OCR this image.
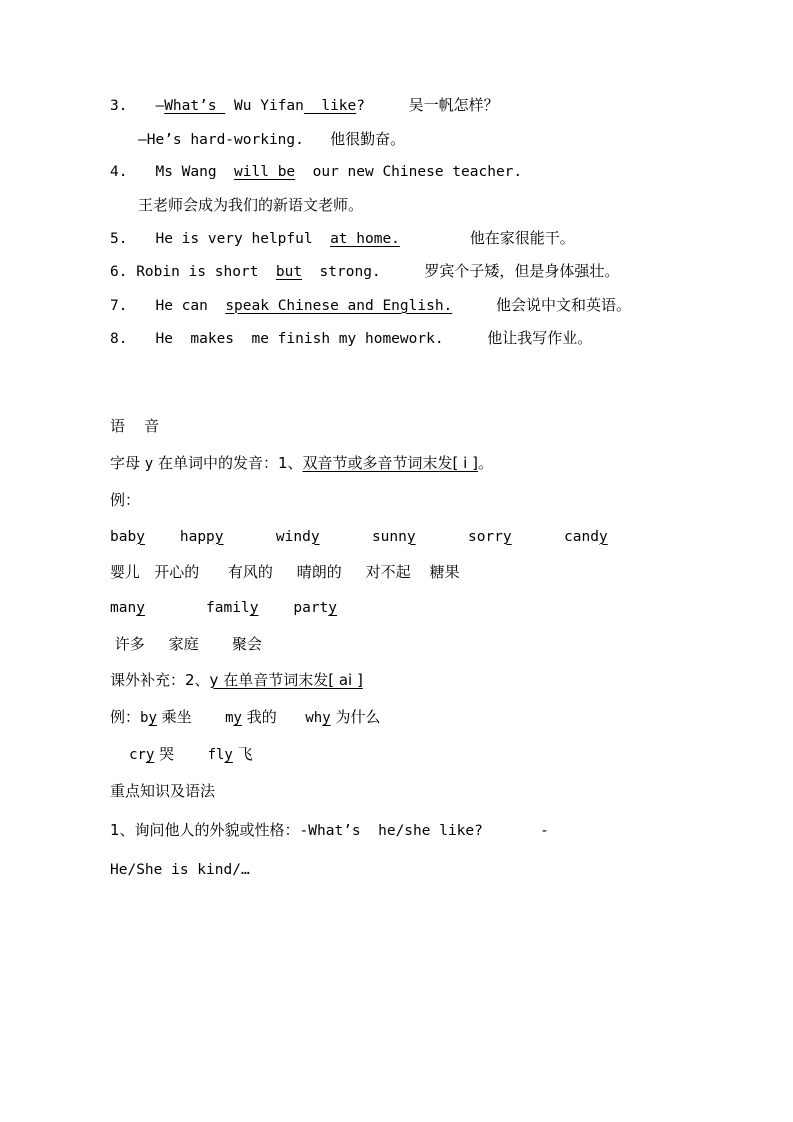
3. —What’s  Wu Yifan  like?	吴一帆怎样？
—He’s hard-working. 他很勤奋。
4. Ms Wang  will be  our new Chinese teacher.
王老师会成为我们的新语文老师。
5. He is very helpful  at home.	他在家很能干。
6. Robin is short  but  strong.	罗宾个子矮，但是身体强壮。
7. He can  speak Chinese and English.	他会说中文和英语。
8. He  makes  me finish my homework.	他让我写作业。
语    音
字母 y 在单词中的发音：1、双音节或多音节词末发[ i ]。
例：
baby happy	windy	sunny	sorry	candy
婴儿   开心的      有风的     晴朗的     对不起    糖果
many	family party
许多     家庭       聚会
课外补充：2、y 在单音节词末发[ ai ]
例：by 乘坐 my 我的 why 为什么
cry 哭 fly 飞
重点知识及语法
1、询问他人的外貌或性格：-What’s  he/she like?	-
He/She is kind/…
